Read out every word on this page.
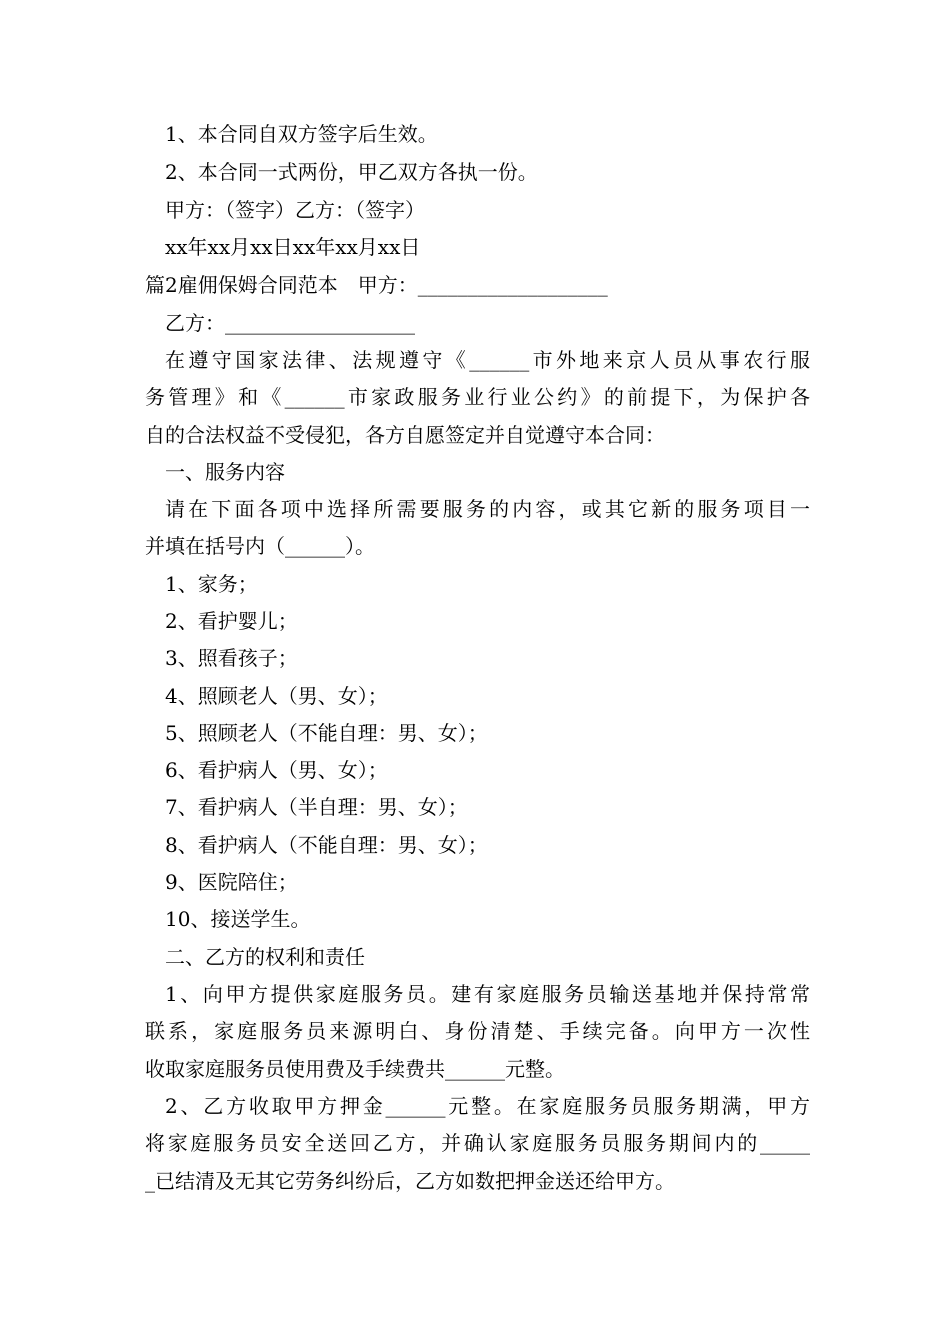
1、本合同自双方签字后生效。
2、本合同一式两份，甲乙双方各执一份。
甲方：（签字）乙方：（签字）
xx年xx月xx日xx年xx月xx日
篇2雇佣保姆合同范本　甲方：___________________
乙方：___________________
在遵守国家法律、法规遵守《______市外地来京人员从事农行服
务管理》和《______市家政服务业行业公约》的前提下，为保护各
自的合法权益不受侵犯，各方自愿签定并自觉遵守本合同：
一、服务内容
请在下面各项中选择所需要服务的内容，或其它新的服务项目一
并填在括号内（______）。
1、家务；
2、看护婴儿；
3、照看孩子；
4、照顾老人（男、女）；
5、照顾老人（不能自理：男、女）；
6、看护病人（男、女）；
7、看护病人（半自理：男、女）；
8、看护病人（不能自理：男、女）；
9、医院陪住；
10、接送学生。
二、乙方的权利和责任
1、向甲方提供家庭服务员。建有家庭服务员输送基地并保持常常
联系，家庭服务员来源明白、身份清楚、手续完备。向甲方一次性
收取家庭服务员使用费及手续费共______元整。
2、乙方收取甲方押金______元整。在家庭服务员服务期满，甲方
将家庭服务员安全送回乙方，并确认家庭服务员服务期间内的_____
_已结清及无其它劳务纠纷后，乙方如数把押金送还给甲方。
